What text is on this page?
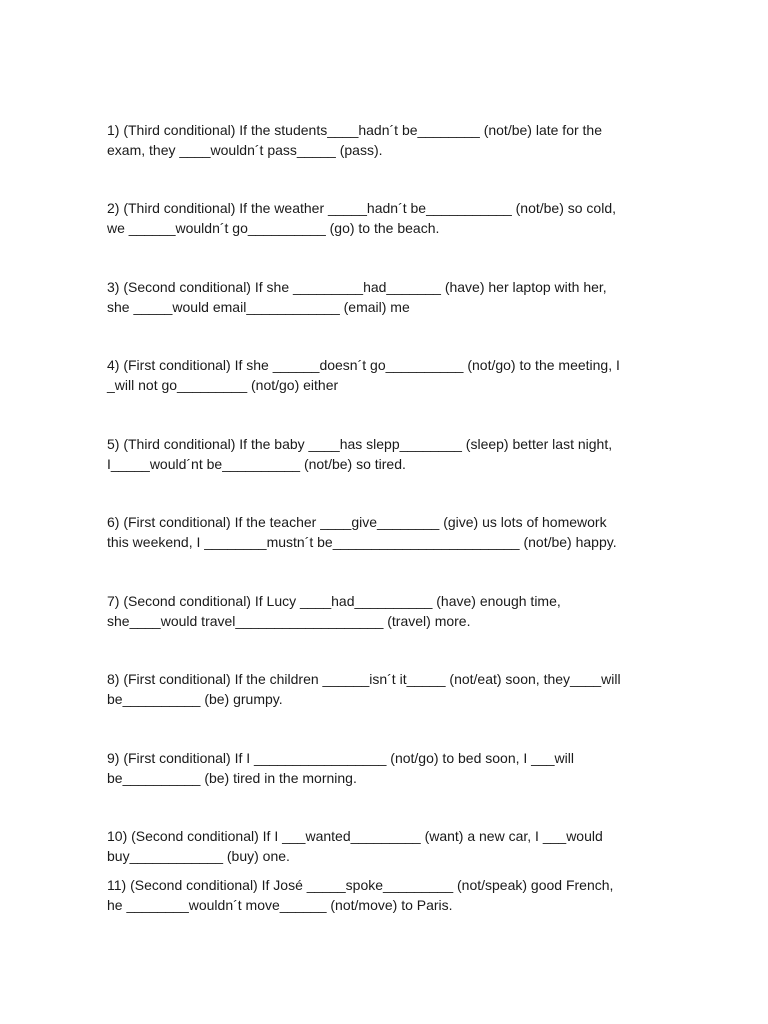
1) (Third conditional) If the students____hadn´t be________ (not/be) late for the
exam, they ____wouldn´t pass_____ (pass).

2) (Third conditional) If the weather _____hadn´t be___________ (not/be) so cold,
we ______wouldn´t go__________ (go) to the beach.

3) (Second conditional) If she _________had_______ (have) her laptop with her,
she _____would email____________ (email) me

4) (First conditional) If she ______doesn´t go__________ (not/go) to the meeting, I
_will not go_________ (not/go) either

5) (Third conditional) If the baby ____has slepp________ (sleep) better last night,
I_____would´nt be__________ (not/be) so tired.

6) (First conditional) If the teacher ____give________ (give) us lots of homework
this weekend, I ________mustn´t be________________________ (not/be) happy.

7) (Second conditional) If Lucy ____had__________ (have) enough time,
she____would travel___________________ (travel) more.

8) (First conditional) If the children ______isn´t it_____ (not/eat) soon, they____will
be__________ (be) grumpy.

9) (First conditional) If I _________________ (not/go) to bed soon, I ___will
be__________ (be) tired in the morning.

10) (Second conditional) If I ___wanted_________ (want) a new car, I ___would
buy____________ (buy) one.

11) (Second conditional) If José _____spoke_________ (not/speak) good French,
he ________wouldn´t move______ (not/move) to Paris.
